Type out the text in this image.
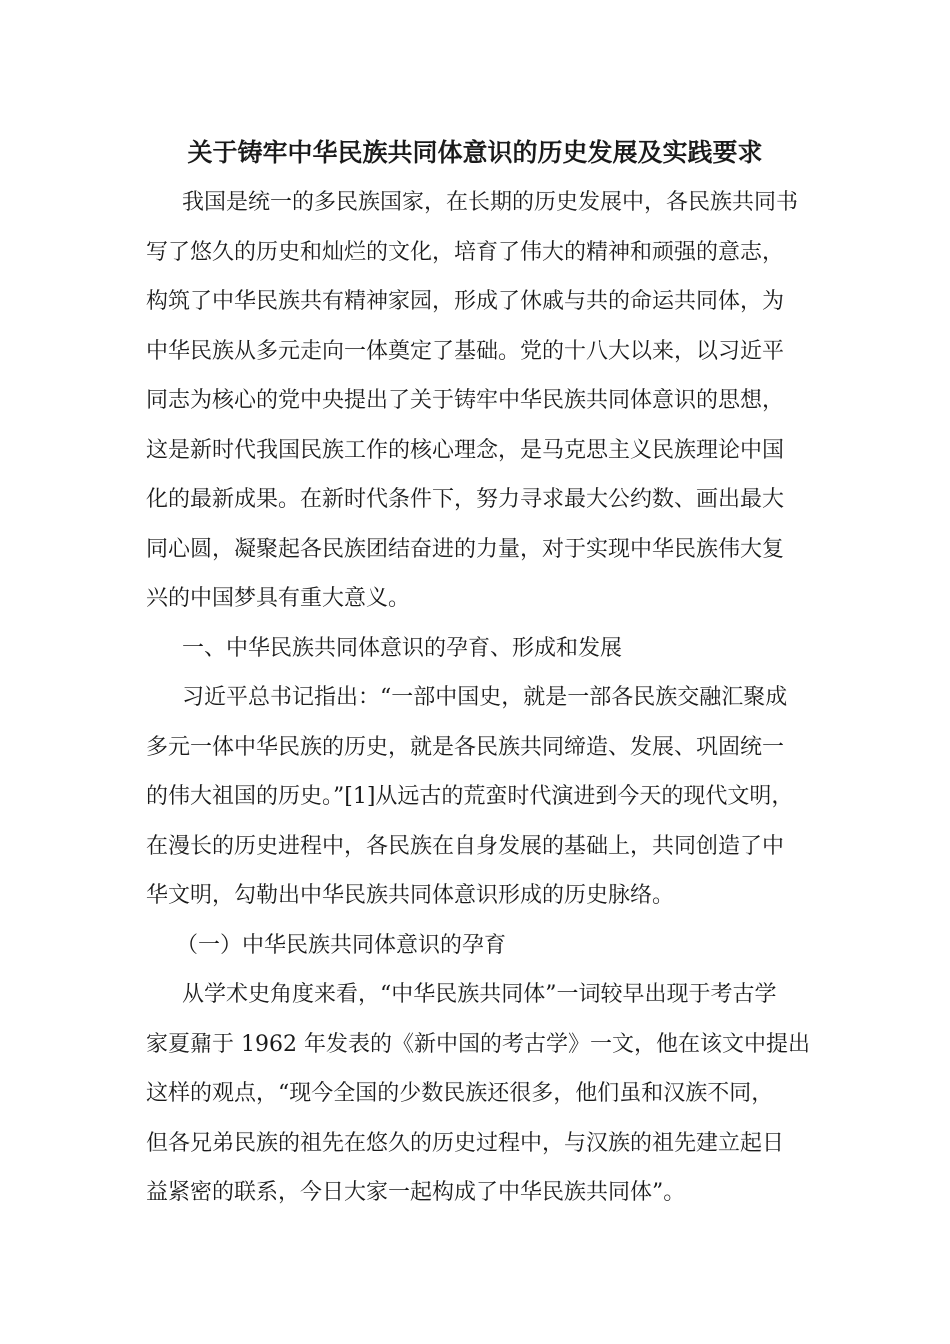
关于铸牢中华民族共同体意识的历史发展及实践要求

我国是统一的多民族国家，在长期的历史发展中，各民族共同书
写了悠久的历史和灿烂的文化，培育了伟大的精神和顽强的意志，
构筑了中华民族共有精神家园，形成了休戚与共的命运共同体，为
中华民族从多元走向一体奠定了基础。党的十八大以来，以习近平
同志为核心的党中央提出了关于铸牢中华民族共同体意识的思想，
这是新时代我国民族工作的核心理念，是马克思主义民族理论中国
化的最新成果。在新时代条件下，努力寻求最大公约数、画出最大
同心圆，凝聚起各民族团结奋进的力量，对于实现中华民族伟大复
兴的中国梦具有重大意义。

一、中华民族共同体意识的孕育、形成和发展

习近平总书记指出：“一部中国史，就是一部各民族交融汇聚成
多元一体中华民族的历史，就是各民族共同缔造、发展、巩固统一
的伟大祖国的历史。”[1]从远古的荒蛮时代演进到今天的现代文明，
在漫长的历史进程中，各民族在自身发展的基础上，共同创造了中
华文明，勾勒出中华民族共同体意识形成的历史脉络。

（一）中华民族共同体意识的孕育

从学术史角度来看，“中华民族共同体”一词较早出现于考古学
家夏鼐于 1962 年发表的《新中国的考古学》一文，他在该文中提出
这样的观点，“现今全国的少数民族还很多，他们虽和汉族不同，
但各兄弟民族的祖先在悠久的历史过程中，与汉族的祖先建立起日
益紧密的联系，今日大家一起构成了中华民族共同体”。
